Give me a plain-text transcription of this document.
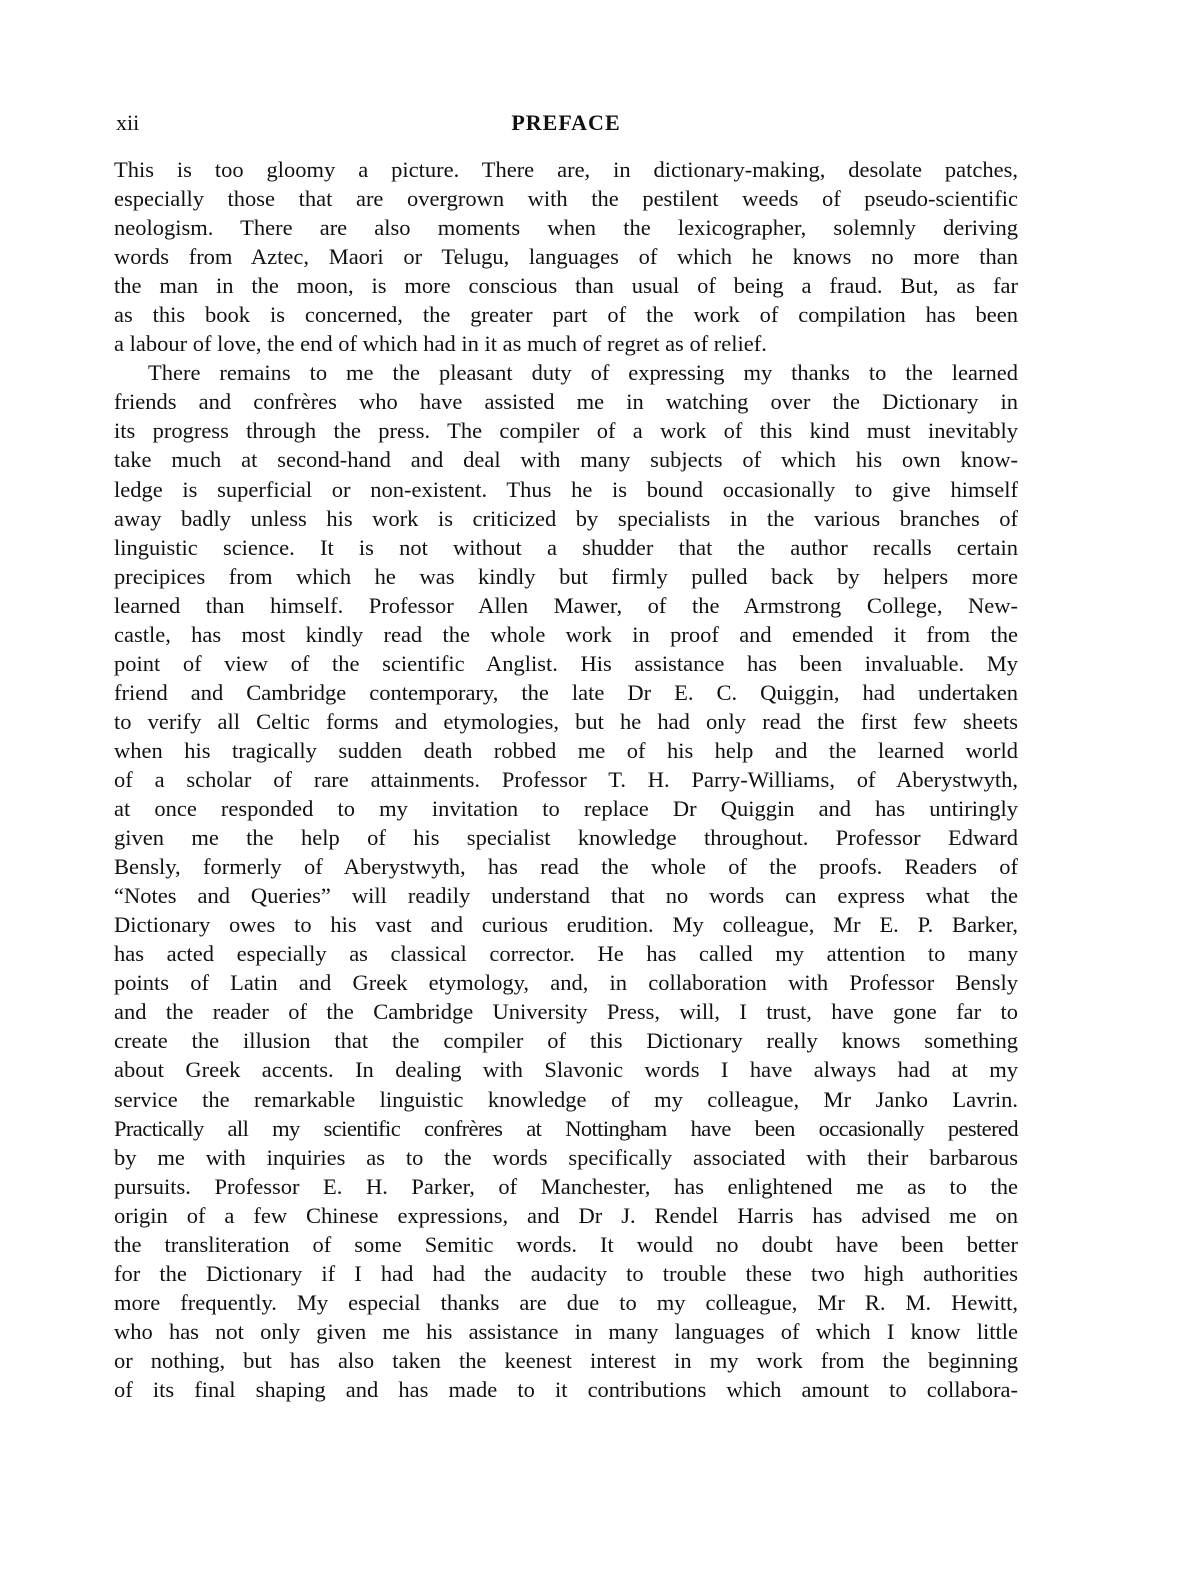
xii	PREFACE
This is too gloomy a picture. There are, in dictionary-making, desolate patches,
especially those that are overgrown with the pestilent weeds of pseudo-scientific
neologism. There are also moments when the lexicographer, solemnly deriving
words from Aztec, Maori or Telugu, languages of which he knows no more than
the man in the moon, is more conscious than usual of being a fraud. But, as far
as this book is concerned, the greater part of the work of compilation has been
a labour of love, the end of which had in it as much of regret as of relief.
There remains to me the pleasant duty of expressing my thanks to the learned
friends and confrères who have assisted me in watching over the Dictionary in
its progress through the press. The compiler of a work of this kind must inevitably
take much at second-hand and deal with many subjects of which his own know-
ledge is superficial or non-existent. Thus he is bound occasionally to give himself
away badly unless his work is criticized by specialists in the various branches of
linguistic science. It is not without a shudder that the author recalls certain
precipices from which he was kindly but firmly pulled back by helpers more
learned than himself. Professor Allen Mawer, of the Armstrong College, New-
castle, has most kindly read the whole work in proof and emended it from the
point of view of the scientific Anglist. His assistance has been invaluable. My
friend and Cambridge contemporary, the late Dr E. C. Quiggin, had undertaken
to verify all Celtic forms and etymologies, but he had only read the first few sheets
when his tragically sudden death robbed me of his help and the learned world
of a scholar of rare attainments. Professor T. H. Parry-Williams, of Aberystwyth,
at once responded to my invitation to replace Dr Quiggin and has untiringly
given me the help of his specialist knowledge throughout. Professor Edward
Bensly, formerly of Aberystwyth, has read the whole of the proofs. Readers of
“Notes and Queries” will readily understand that no words can express what the
Dictionary owes to his vast and curious erudition. My colleague, Mr E. P. Barker,
has acted especially as classical corrector. He has called my attention to many
points of Latin and Greek etymology, and, in collaboration with Professor Bensly
and the reader of the Cambridge University Press, will, I trust, have gone far to
create the illusion that the compiler of this Dictionary really knows something
about Greek accents. In dealing with Slavonic words I have always had at my
service the remarkable linguistic knowledge of my colleague, Mr Janko Lavrin.
Practically all my scientific confrères at Nottingham have been occasionally pestered
by me with inquiries as to the words specifically associated with their barbarous
pursuits. Professor E. H. Parker, of Manchester, has enlightened me as to the
origin of a few Chinese expressions, and Dr J. Rendel Harris has advised me on
the transliteration of some Semitic words. It would no doubt have been better
for the Dictionary if I had had the audacity to trouble these two high authorities
more frequently. My especial thanks are due to my colleague, Mr R. M. Hewitt,
who has not only given me his assistance in many languages of which I know little
or nothing, but has also taken the keenest interest in my work from the beginning
of its final shaping and has made to it contributions which amount to collabora-
